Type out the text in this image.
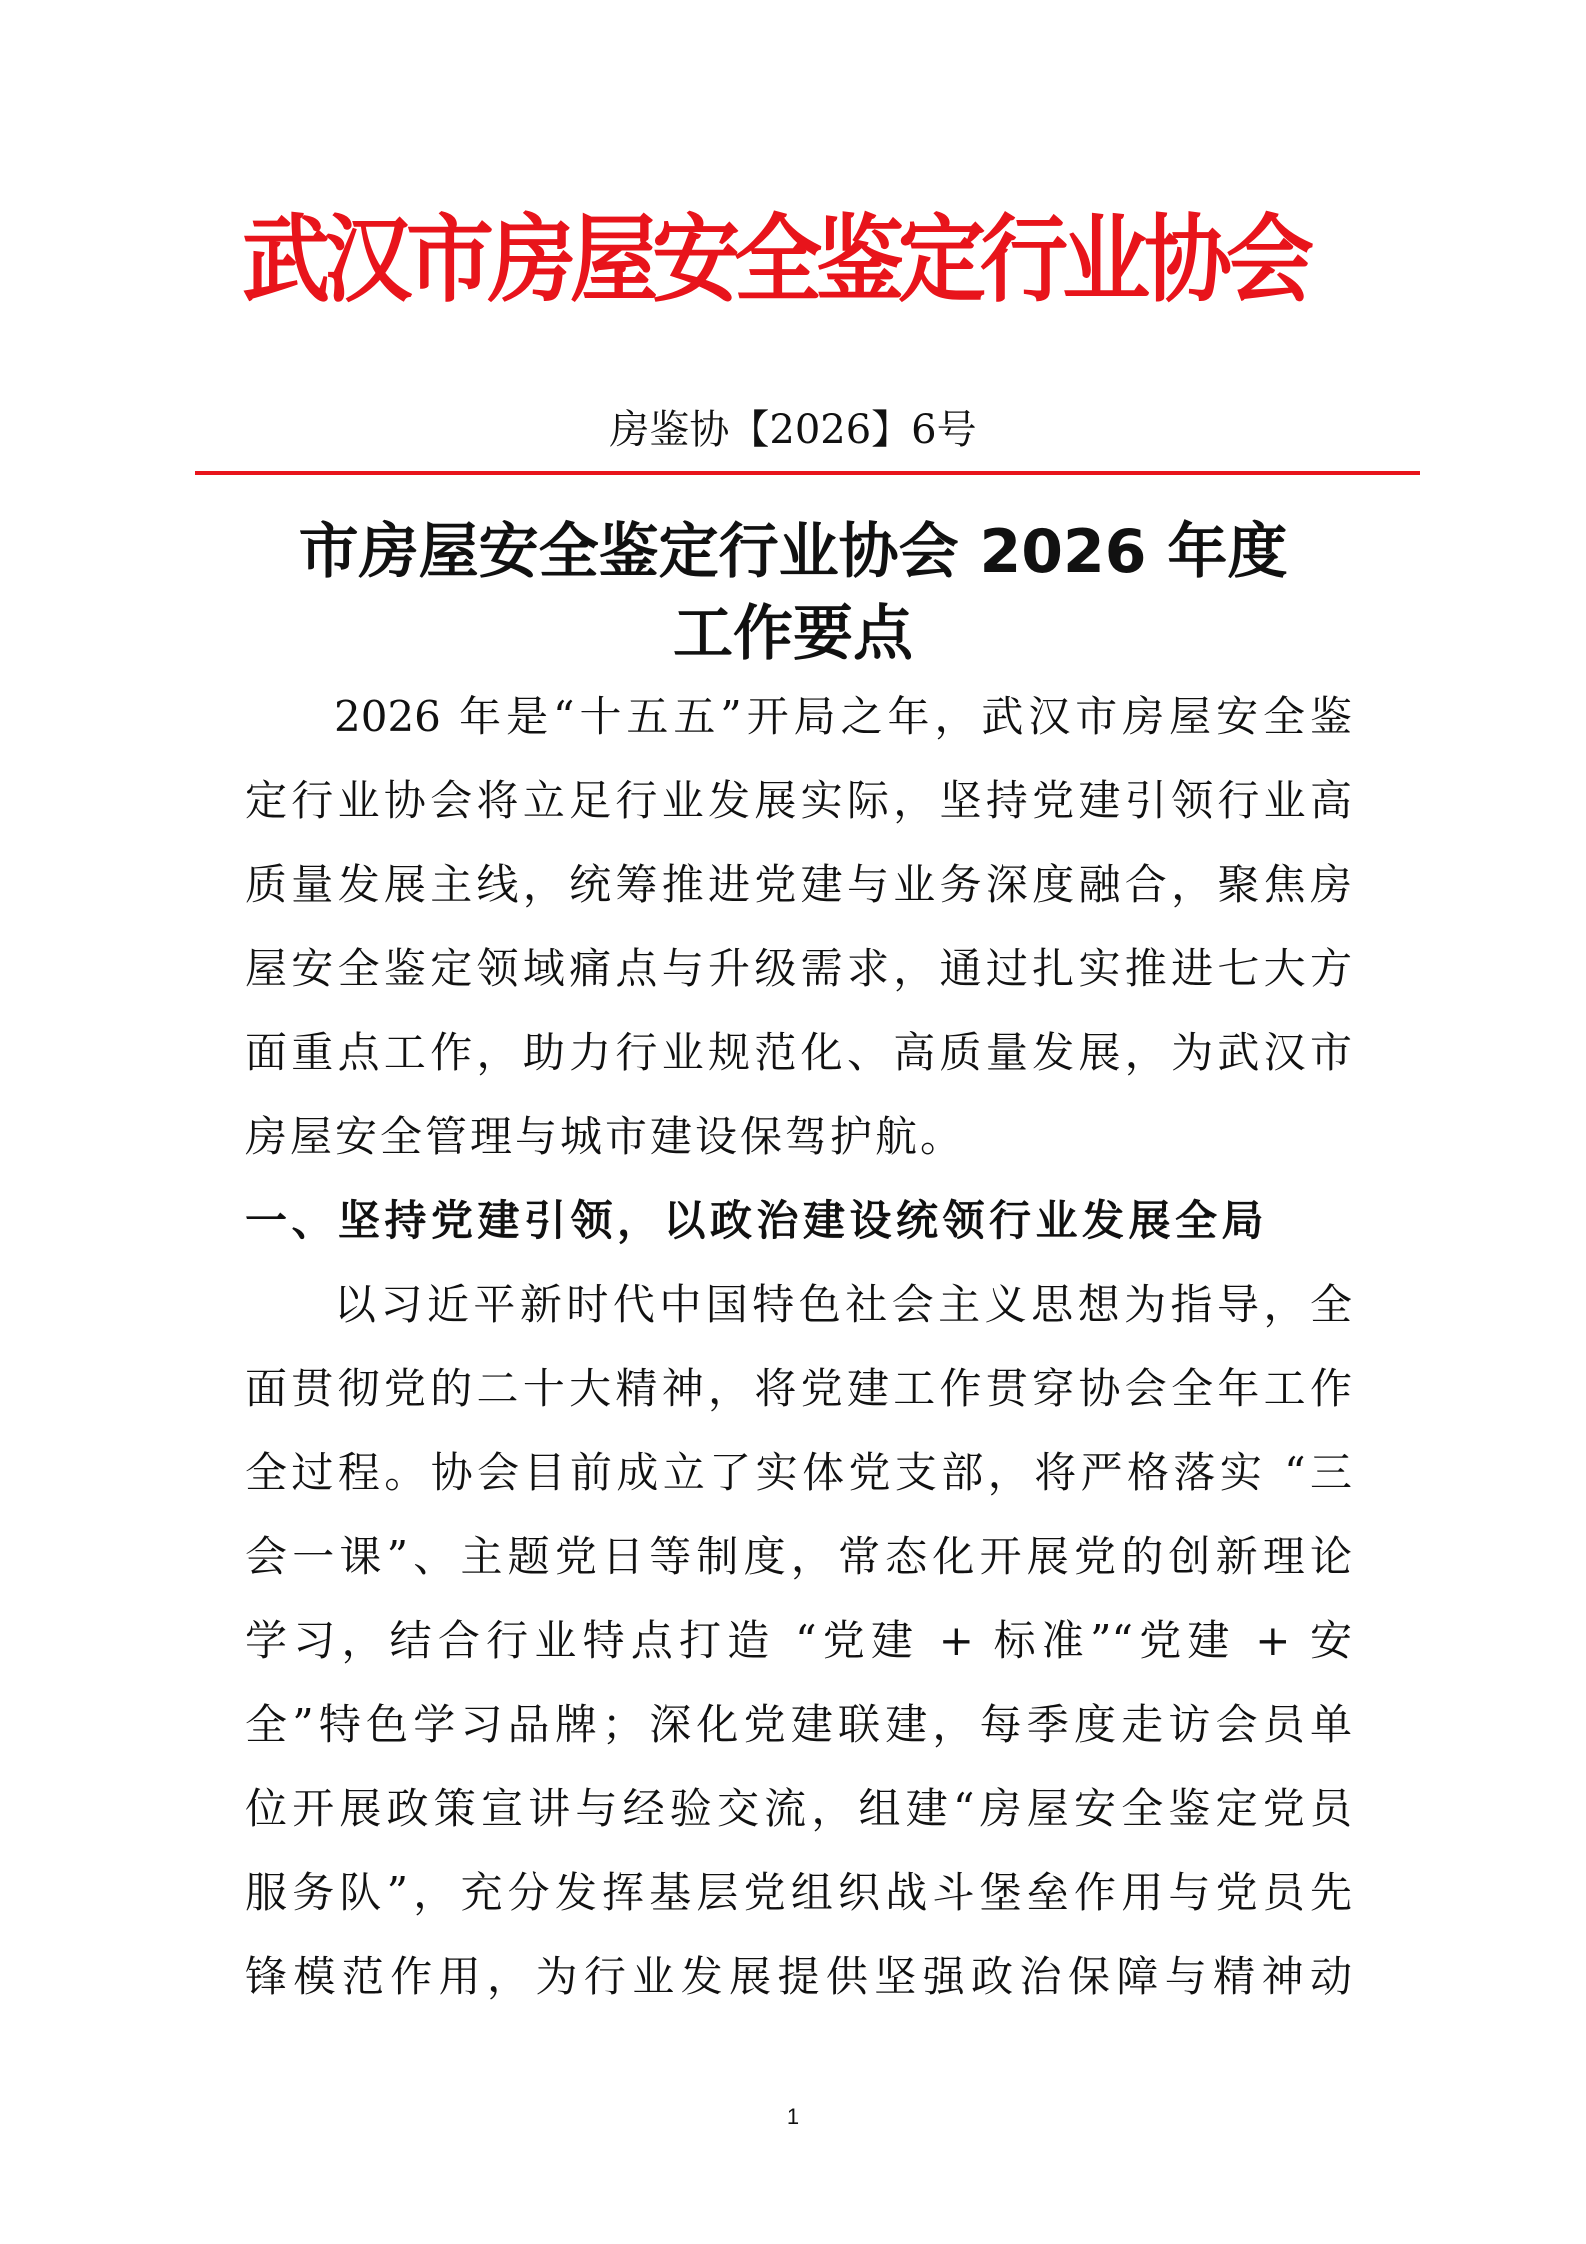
武汉市房屋安全鉴定行业协会
房鉴协【2026】6号
市房屋安全鉴定行业协会 2026 年度
工作要点
2026 年是“十五五”开局之年，武汉市房屋安全鉴
定行业协会将立足行业发展实际，坚持党建引领行业高
质量发展主线，统筹推进党建与业务深度融合，聚焦房
屋安全鉴定领域痛点与升级需求，通过扎实推进七大方
面重点工作，助力行业规范化、高质量发展，为武汉市
房屋安全管理与城市建设保驾护航。
一、坚持党建引领，以政治建设统领行业发展全局
以习近平新时代中国特色社会主义思想为指导，全
面贯彻党的二十大精神，将党建工作贯穿协会全年工作
全过程。协会目前成立了实体党支部，将严格落实 “三
会一课”、主题党日等制度，常态化开展党的创新理论
学习，结合行业特点打造 “党建 + 标准”“党建 + 安
全”特色学习品牌；深化党建联建，每季度走访会员单
位开展政策宣讲与经验交流，组建“房屋安全鉴定党员
服务队”，充分发挥基层党组织战斗堡垒作用与党员先
锋模范作用，为行业发展提供坚强政治保障与精神动
1
